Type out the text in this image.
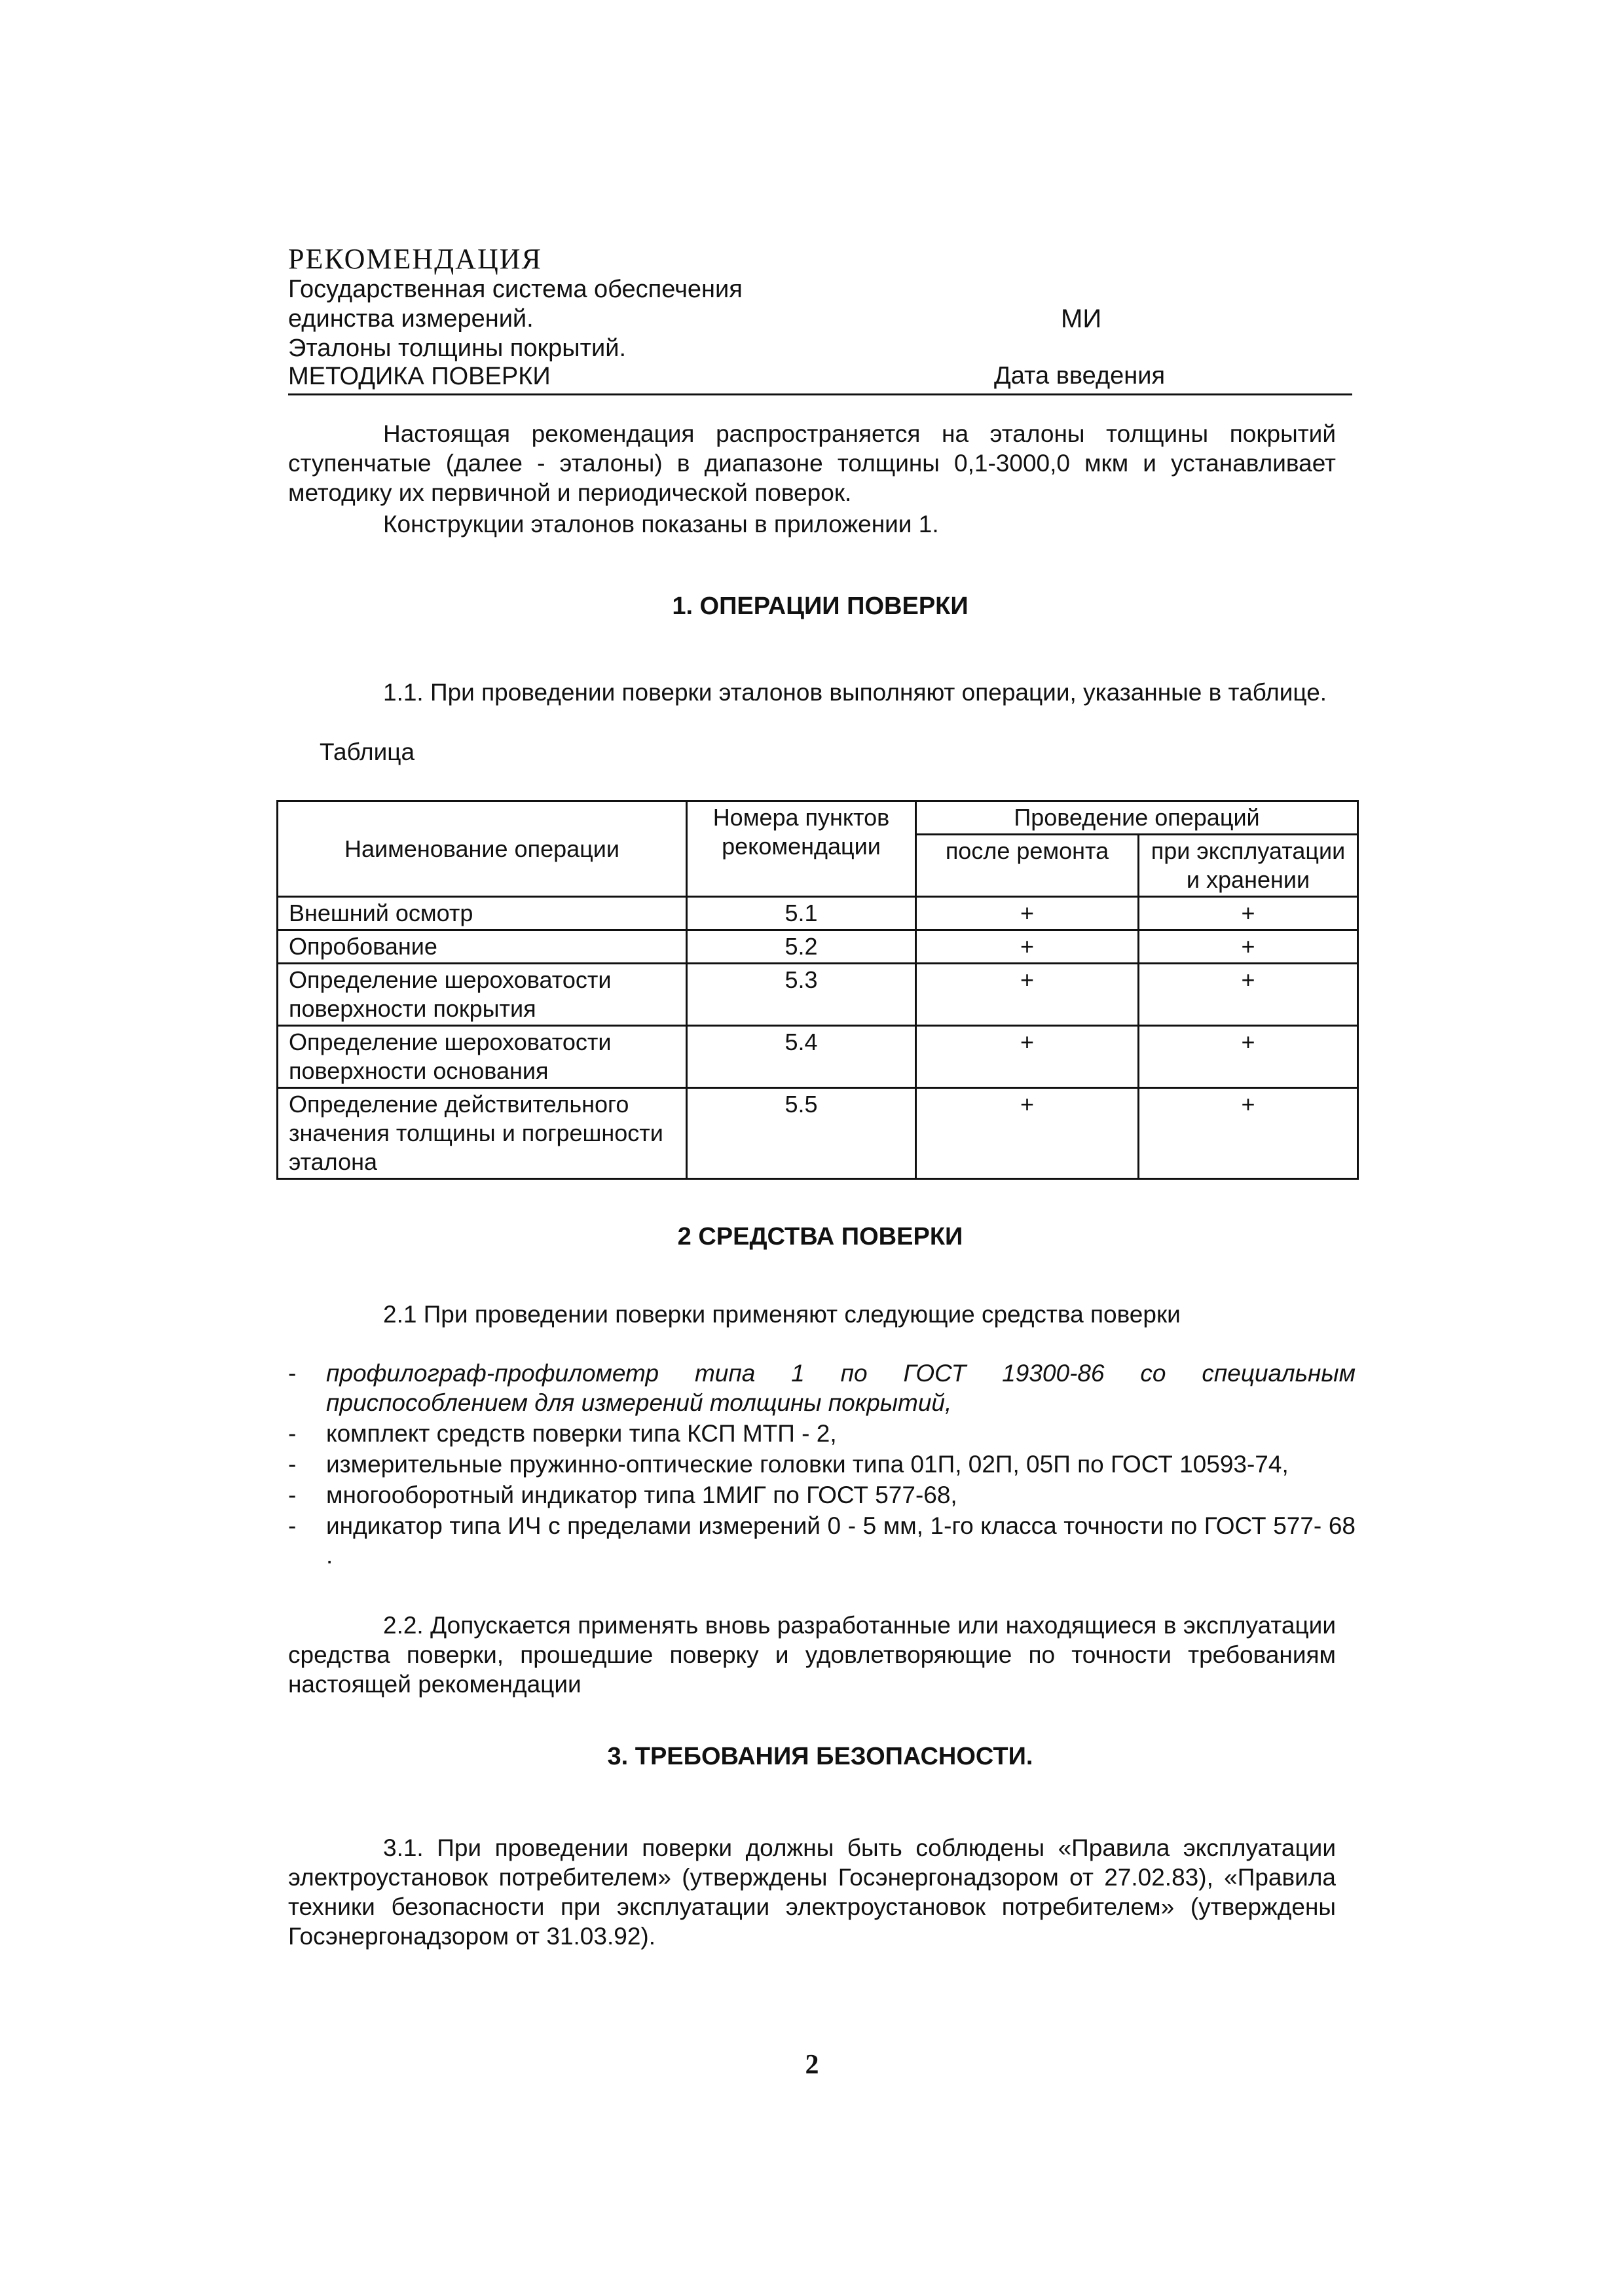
РЕКОМЕНДАЦИЯ
Государственная система обеспечения
единства измерений.
Эталоны толщины покрытий.
МЕТОДИКА ПОВЕРКИ
МИ
Дата введения

Настоящая рекомендация распространяется на эталоны толщины покрытий ступенчатые (далее - эталоны) в диапазоне толщины 0,1-3000,0 мкм и устанавливает методику их первичной и периодической поверок.

Конструкции эталонов показаны в приложении 1.

1. ОПЕРАЦИИ ПОВЕРКИ

1.1. При проведении поверки эталонов выполняют операции, указанные в таблице.

Таблица
Наименование операции	Номера пунктов рекомендации	Проведение операций	
		после ремонта	при эксплуатации и хранении
Внешний осмотр	5.1	+	+
Опробование	5.2	+	+
Определение шероховатости поверхности покрытия	5.3	+	+
Определение шероховатости поверхности основания	5.4	+	+
Определение действительного значения толщины и погрешности эталона	5.5	+	+
2 СРЕДСТВА ПОВЕРКИ

2.1 При проведении поверки применяют следующие средства поверки

- профилограф-профилометр типа 1 по ГОСТ 19300-86 со специальным приспособлением для измерений толщины покрытий,
- комплект средств поверки типа КСП МТП - 2,
- измерительные пружинно-оптические головки типа 01П, 02П, 05П по ГОСТ 10593-74,
- многооборотный индикатор типа 1МИГ по ГОСТ 577-68,
- индикатор типа ИЧ с пределами измерений 0 - 5 мм, 1-го класса точности по ГОСТ 577- 68 .

2.2. Допускается применять вновь разработанные или находящиеся в эксплуатации средства поверки, прошедшие поверку и удовлетворяющие по точности требованиям настоящей рекомендации

3. ТРЕБОВАНИЯ БЕЗОПАСНОСТИ.

3.1. При проведении поверки должны быть соблюдены «Правила эксплуатации электроустановок потребителем» (утверждены Госэнергонадзором от 27.02.83), «Правила техники безопасности при эксплуатации электроустановок потребителем» (утверждены Госэнергонадзором от 31.03.92).

2
